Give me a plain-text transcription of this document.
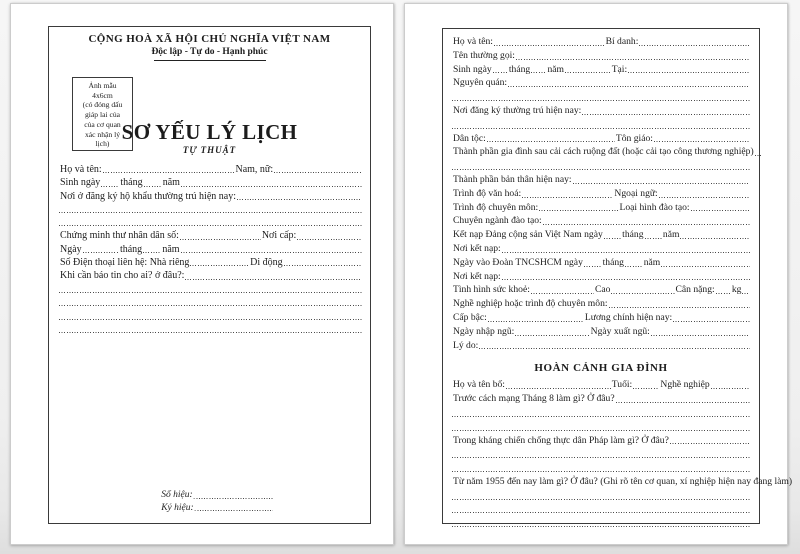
CỘNG HOÀ XÃ HỘI CHỦ NGHĨA VIỆT NAM
Độc lập - Tự do - Hạnh phúc
Ảnh mẫu
4x6cm
(có đóng dấu
giáp lai của
của cơ quan
xác nhận lý
lịch) SƠ YẾU LÝ LỊCH
TỰ THUẬT
Họ và tên:	Nam, nữ:
Sinh ngày tháng năm
Nơi ở đăng ký hộ khẩu thường trú hiện nay:
Chứng minh thư nhân dân số:	Nơi cấp:
Ngày	tháng năm
Số Điện thoại liên hệ: Nhà riêng	Di động
Khi cần báo tin cho ai? ở đâu?:
Số hiệu:
Ký hiệu:
Họ và tên:	Bí danh:
Tên thường gọi:
Sinh ngày tháng năm	Tại:
Nguyên quán:
Nơi đăng ký thường trú hiện nay:
Dân tộc:	Tôn giáo:
Thành phần gia đình sau cải cách ruộng đất (hoặc cải tạo công thương nghiệp)
Thành phần bản thân hiện nay:
Trình độ văn hoá:	Ngoại ngữ:
Trình độ chuyên môn:	Loại hình đào tạo:
Chuyên ngành đào tạo:
Kết nạp Đảng cộng sản Việt Nam ngày tháng năm
Nơi kết nạp:
Ngày vào Đoàn TNCSHCM ngày tháng năm
Nơi kết nạp:
Tình hình sức khoẻ:	Cao	Cân nặng: kg
Nghề nghiệp hoặc trình độ chuyên môn:
Cấp bậc:	Lương chính hiện nay:
Ngày nhập ngũ:	Ngày xuất ngũ:
Lý do:
HOÀN CẢNH GIA ĐÌNH
Họ và tên bố:	Tuổi:	Nghề nghiệp
Trước cách mạng Tháng 8 làm gì? Ở đâu?
Trong kháng chiến chống thực dân Pháp làm gì? Ở đâu?
Từ năm 1955 đến nay làm gì? Ở đâu? (Ghi rõ tên cơ quan, xí nghiệp hiện nay đang làm)
